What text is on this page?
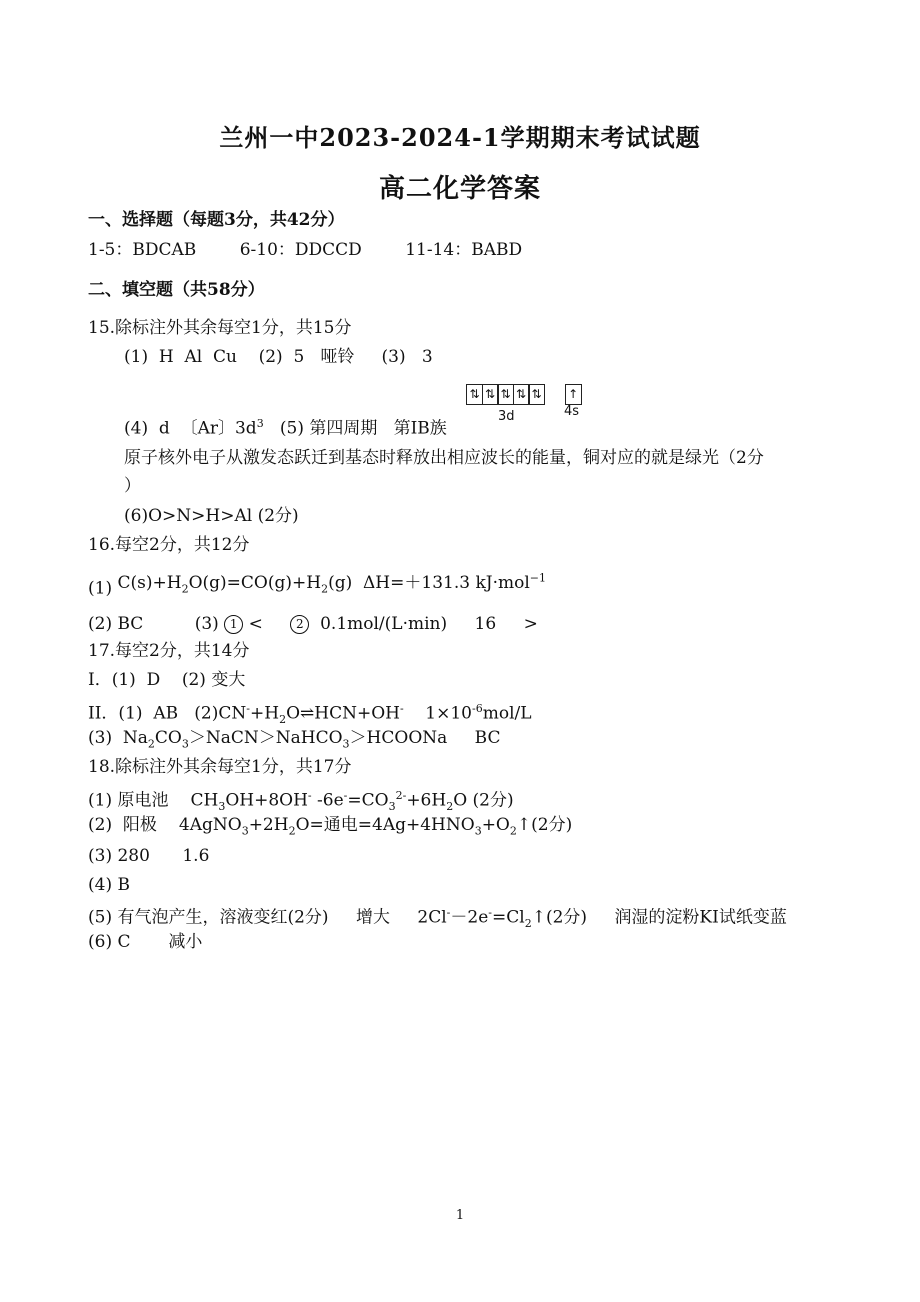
兰州一中2023-2024-1学期期末考试试题
高二化学答案
一、选择题（每题3分，共42分）
1-5：BDCAB	6-10：DDCCD	11-14：BABD
二、填空题（共58分）
15.除标注外其余每空1分，共15分
(1)  H  Al  Cu    (2)  5   哑铃     (3)   3
⇅ ⇅ ⇅ ⇅ ⇅ ↑
3d	4s
(4)  d  〔Ar〕$3d^3$   (5) 第四周期   第IB族
原子核外电子从激发态跃迁到基态时释放出相应波长的能量，铜对应的就是绿光（2分
）
(6)O>N>H>Al (2分)
16.每空2分，共12分
(1) $C(s)+H_2O(g)=CO(g)+H_2(g)$  ΔH=＋131.3 kJ·mol$^{-1}$
(2) BC	(3) 1 <	2 0.1mol/(L·min) 16 >
17.每空2分，共14分
I．(1)  D    (2) 变大
II．(1)  AB   $(2)CN^-+H_2O\rightleftharpoons HCN+OH^-$    $1\times 10^{-6}mol/L$
(3)  $Na_2CO_3>NaCN>NaHCO_3>HCOONa$ BC
18.除标注外其余每空1分，共17分
(1) 原电池 $CH_3OH+8OH^-$ $-6e^-=CO_3^{2-}+6H_2O$ (2分)
(2)  阳极 $4AgNO_3+2H_2O=$通电$=4Ag+4HNO_3+O_2↑(2$分)
(3) 280      1.6
(4) B
(5) 有气泡产生，溶液变红(2分) 增大 $2Cl^--2e^-=Cl_2↑(2$分) 润湿的淀粉KI试纸变蓝
(6) C       减小
1
